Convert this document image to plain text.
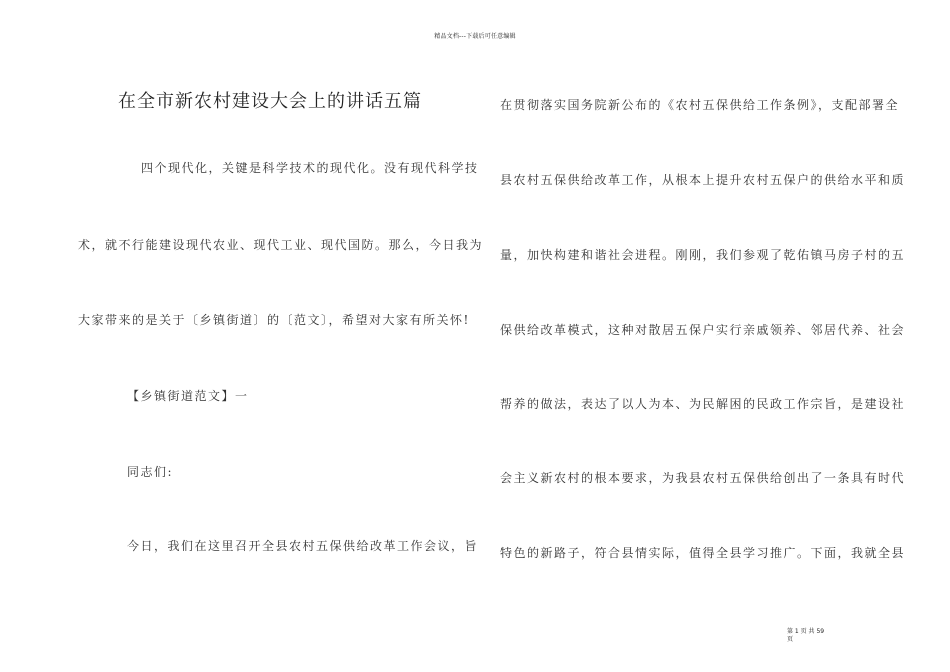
精品文档---下载后可任意编辑
在全市新农村建设大会上的讲话五篇
四个现代化，关键是科学技术的现代化。没有现代科学技
术，就不行能建设现代农业、现代工业、现代国防。那么，今日我为
大家带来的是关于〔乡镇街道〕的〔范文〕，希望对大家有所关怀!
【乡镇街道范文】一
同志们:
今日，我们在这里召开全县农村五保供给改革工作会议，旨
在贯彻落实国务院新公布的《农村五保供给工作条例》，支配部署全
县农村五保供给改革工作，从根本上提升农村五保户的供给水平和质
量，加快构建和谐社会进程。刚刚，我们参观了乾佑镇马房子村的五
保供给改革模式，这种对散居五保户实行亲戚领养、邻居代养、社会
帮养的做法，表达了以人为本、为民解困的民政工作宗旨，是建设社
会主义新农村的根本要求，为我县农村五保供给创出了一条具有时代
特色的新路子，符合县情实际，值得全县学习推广。下面，我就全县
第 1 页 共 59 页
